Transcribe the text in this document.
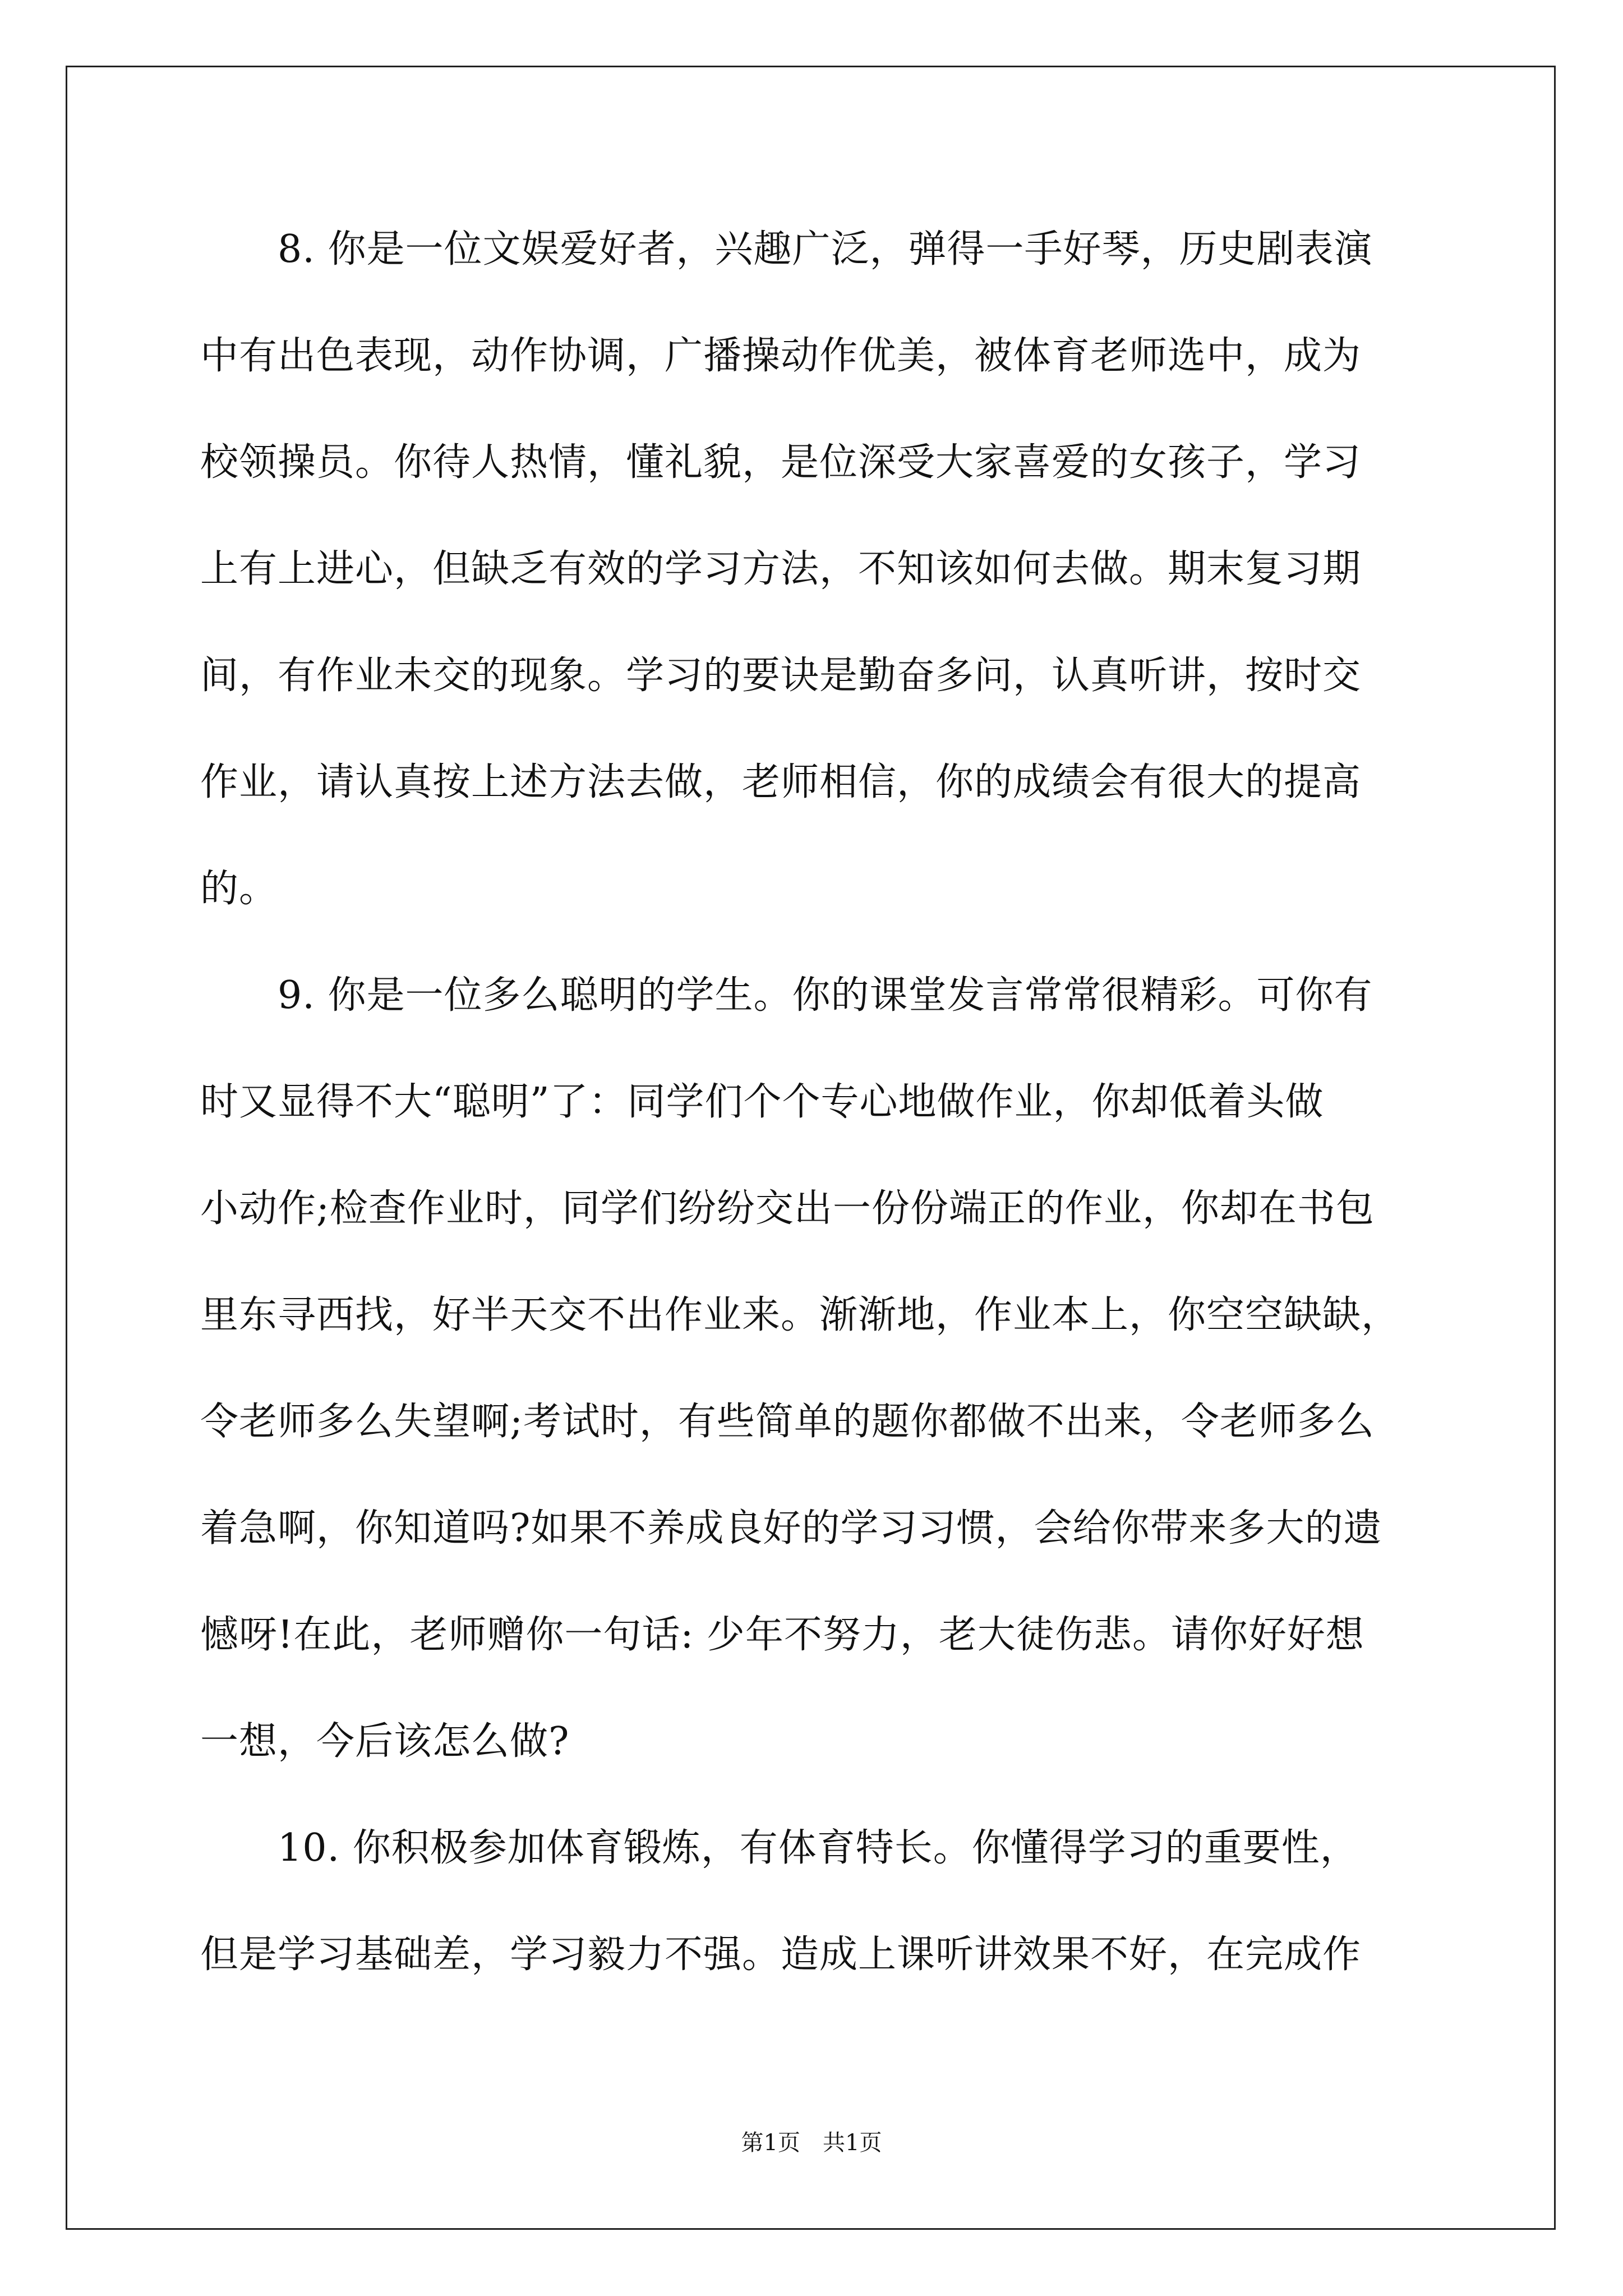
　　8. 你是一位文娱爱好者，兴趣广泛，弹得一手好琴，历史剧表演
中有出色表现，动作协调，广播操动作优美，被体育老师选中，成为
校领操员。你待人热情，懂礼貌，是位深受大家喜爱的女孩子，学习
上有上进心，但缺乏有效的学习方法，不知该如何去做。期末复习期
间，有作业未交的现象。学习的要诀是勤奋多问，认真听讲，按时交
作业，请认真按上述方法去做，老师相信，你的成绩会有很大的提高
的。
　　9. 你是一位多么聪明的学生。你的课堂发言常常很精彩。可你有
时又显得不大“聪明”了：同学们个个专心地做作业，你却低着头做
小动作;检查作业时，同学们纷纷交出一份份端正的作业，你却在书包
里东寻西找，好半天交不出作业来。渐渐地，作业本上，你空空缺缺，
令老师多么失望啊;考试时，有些简单的题你都做不出来，令老师多么
着急啊，你知道吗?如果不养成良好的学习习惯，会给你带来多大的遗
憾呀!在此，老师赠你一句话: 少年不努力，老大徒伤悲。请你好好想
一想，今后该怎么做?
　　10. 你积极参加体育锻炼，有体育特长。你懂得学习的重要性，
但是学习基础差，学习毅力不强。造成上课听讲效果不好，在完成作
第1页　共1页
